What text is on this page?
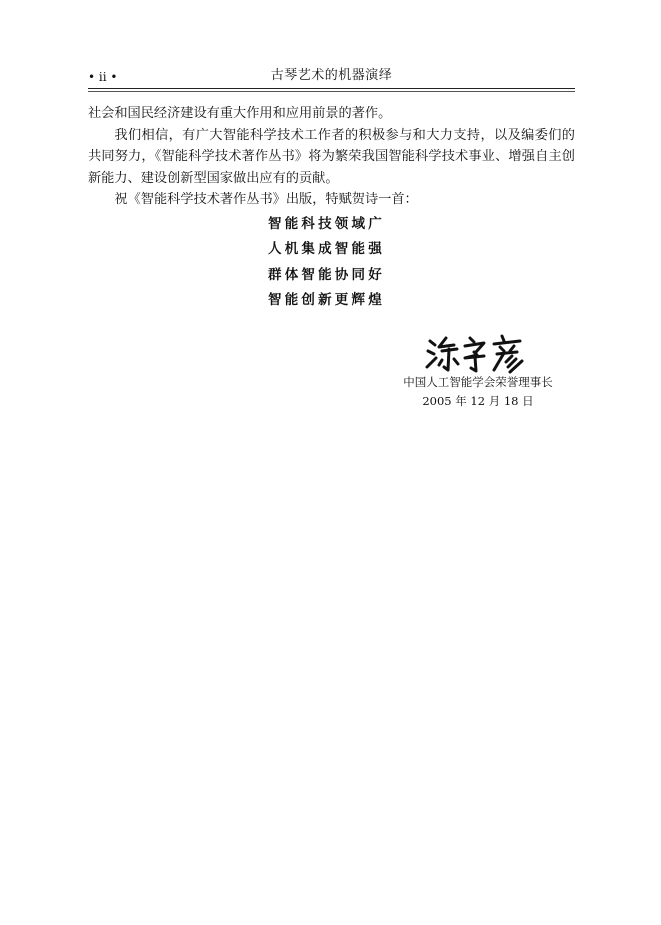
• ii •	古琴艺术的机器演绎

社会和国民经济建设有重大作用和应用前景的著作。

我们相信，有广大智能科学技术工作者的积极参与和大力支持，以及编委们的共同努力，《智能科学技术著作丛书》将为繁荣我国智能科学技术事业、增强自主创新能力、建设创新型国家做出应有的贡献。

祝《智能科学技术著作丛书》出版，特赋贺诗一首：

智能科技领域广

人机集成智能强

群体智能协同好

智能创新更辉煌

中国人工智能学会荣誉理事长
2005 年 12 月 18 日
